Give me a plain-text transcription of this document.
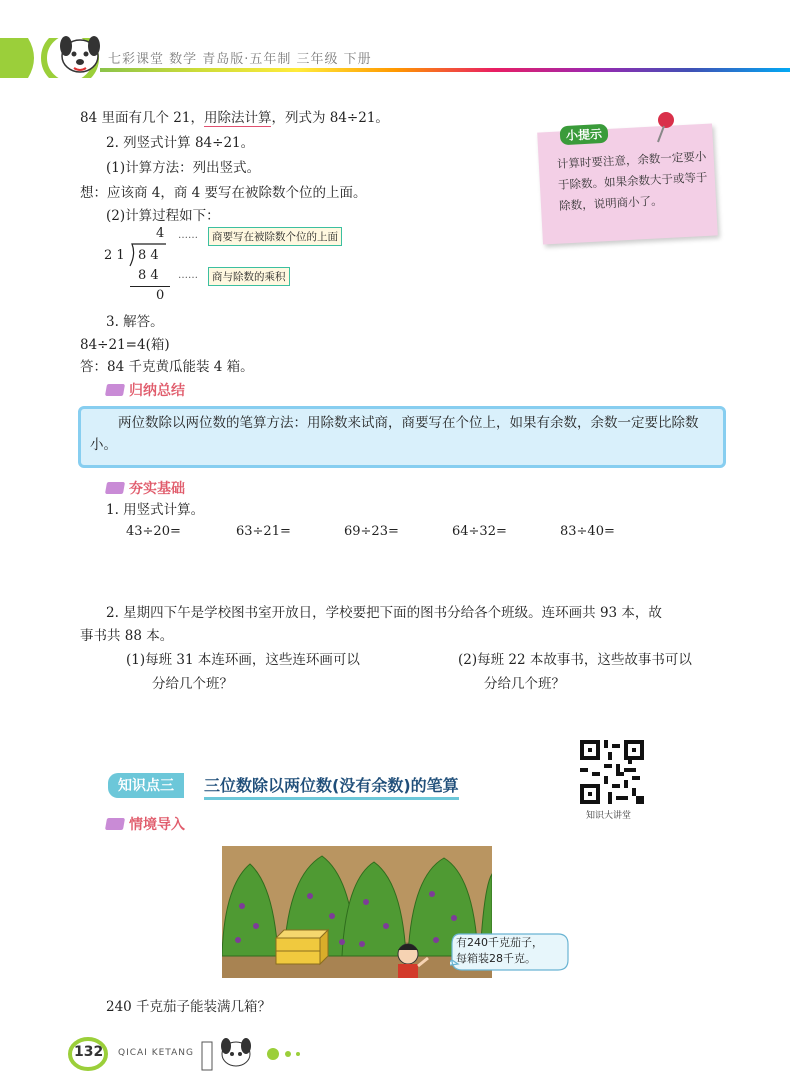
七彩课堂 数学 青岛版·五年制 三年级 下册
84 里面有几个 21，用除法计算，列式为 84÷21。
2. 列竖式计算 84÷21。
(1)计算方法：列出竖式。
想：应该商 4，商 4 要写在被除数个位的上面。
(2)计算过程如下：
小提示
计算时要注意，余数一定要小于除数。如果余数大于或等于除数，说明商小了。
4
2 1 8 4
8 4
0
……	商要写在被除数个位的上面
……	商与除数的乘积
3. 解答。
84÷21=4(箱)
答：84 千克黄瓜能装 4 箱。
归纳总结
两位数除以两位数的笔算方法：用除数来试商，商要写在个位上，如果有余数，余数一定要比除数小。
夯实基础
1. 用竖式计算。
43÷20=	63÷21=	69÷23=	64÷32=	83÷40=
2. 星期四下午是学校图书室开放日，学校要把下面的图书分给各个班级。连环画共 93 本，故
事书共 88 本。
(1)每班 31 本连环画，这些连环画可以
分给几个班？
(2)每班 22 本故事书，这些故事书可以
分给几个班？
知识点三	三位数除以两位数(没有余数)的笔算
知识大讲堂
情境导入
有240千克茄子，
每箱装28千克。
240 千克茄子能装满几箱？
132 QICAI KETANG
